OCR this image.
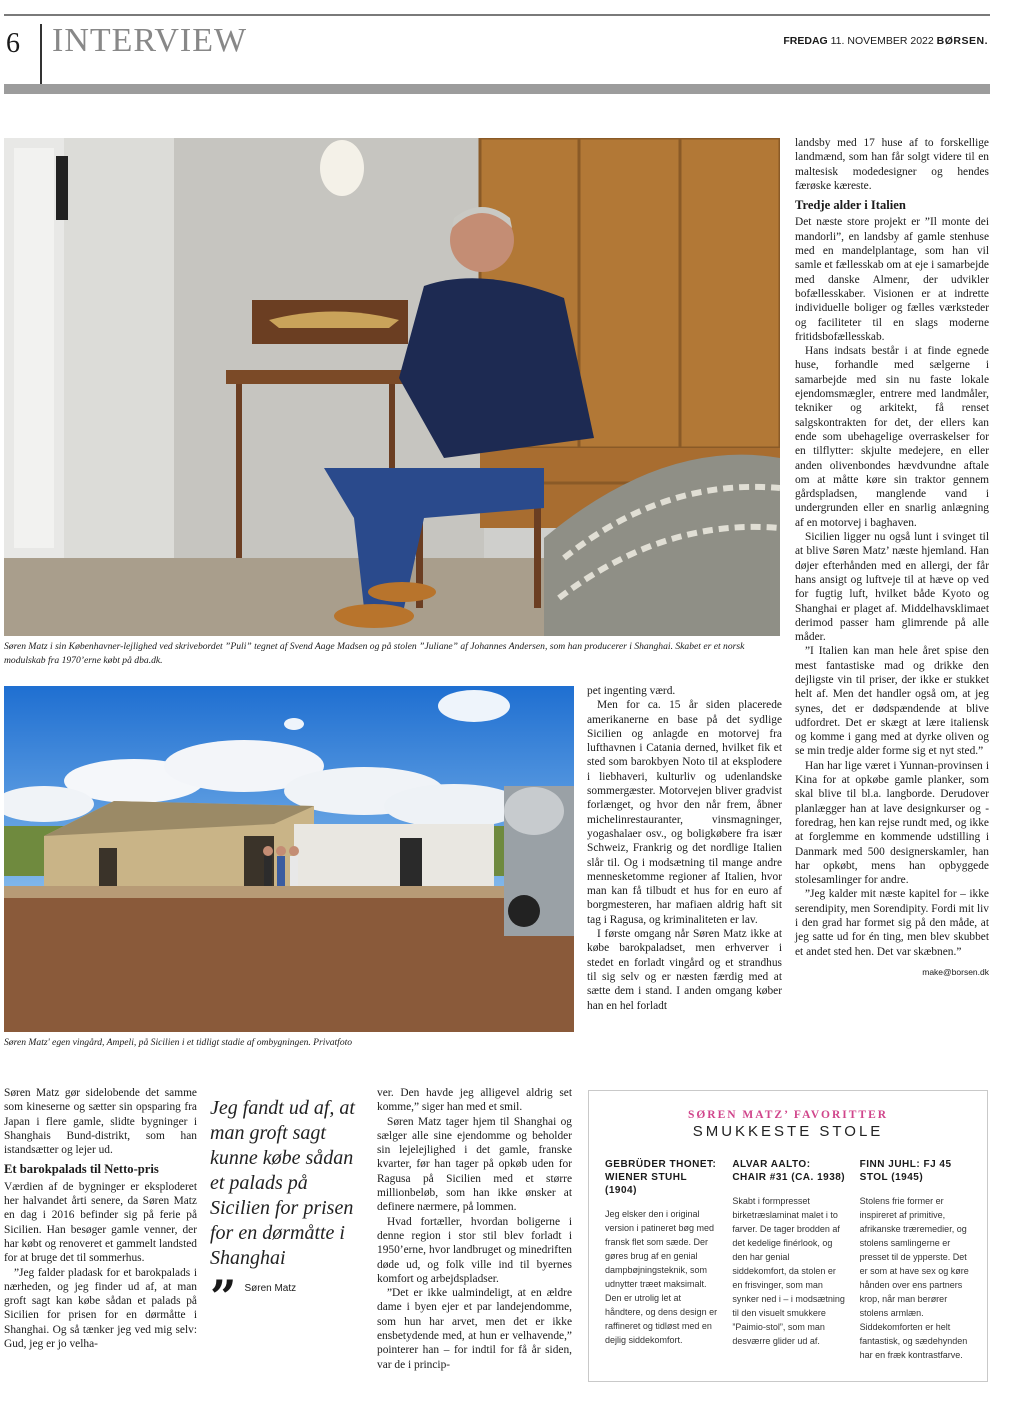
6 INTERVIEW	FREDAG 11. NOVEMBER 2022 BØRSEN.
Søren Matz i sin Københavner-lejlighed ved skrivebordet ”Puli” tegnet af Svend Aage Madsen og på stolen ”Juliane” af Johannes Andersen, som han producerer i Shanghai. Skabet er et norsk modulskab fra 1970’erne købt på dba.dk.
Søren Matz' egen vingård, Ampeli, på Sicilien i et tidligt stadie af ombygningen. Privatfoto

landsby med 17 huse af to forskellige landmænd, som han får solgt videre til en maltesisk modedesigner og hendes færøske kæreste.

Tredje alder i Italien

Det næste store projekt er ”Il monte dei mandorli”, en landsby af gamle stenhuse med en mandelplantage, som han vil samle et fællesskab om at eje i samarbejde med danske Almenr, der udvikler bofællesskaber. Visionen er at indrette individuelle boliger og fælles værksteder og faciliteter til en slags moderne fritidsbofællesskab.

Hans indsats består i at finde egnede huse, forhandle med sælgerne i samarbejde med sin nu faste lokale ejendomsmægler, entrere med landmåler, tekniker og arkitekt, få renset salgskontrakten for det, der ellers kan ende som ubehagelige overraskelser for en tilflytter: skjulte medejere, en eller anden olivenbondes hævdvundne aftale om at måtte køre sin traktor gennem gårdspladsen, manglende vand i undergrunden eller en snarlig anlægning af en motorvej i baghaven.

Sicilien ligger nu også lunt i svinget til at blive Søren Matz’ næste hjemland. Han døjer efterhånden med en allergi, der får hans ansigt og luftveje til at hæve op ved for fugtig luft, hvilket både Kyoto og Shanghai er plaget af. Middelhavsklimaet derimod passer ham glimrende på alle måder.

”I Italien kan man hele året spise den mest fantastiske mad og drikke den dejligste vin til priser, der ikke er stukket helt af. Men det handler også om, at jeg synes, det er dødspændende at blive udfordret. Det er skægt at lære italiensk og komme i gang med at dyrke oliven og se min tredje alder forme sig et nyt sted.”

Han har lige været i Yunnan-provinsen i Kina for at opkøbe gamle planker, som skal blive til bl.a. langborde. Derudover planlægger han at lave designkurser og -foredrag, hen kan rejse rundt med, og ikke at forglemme en kommende udstilling i Danmark med 500 designerskamler, han har opkøbt, mens han opbyggede stolesamlinger for andre.

”Jeg kalder mit næste kapitel for – ikke serendipity, men Sorendipity. Fordi mit liv i den grad har formet sig på den måde, at jeg satte ud for én ting, men blev skubbet et andet sted hen. Det var skæbnen.”

make@borsen.dk

pet ingenting værd.

Men for ca. 15 år siden placerede amerikanerne en base på det sydlige Sicilien og anlagde en motorvej fra lufthavnen i Catania derned, hvilket fik et sted som barokbyen Noto til at eksplodere i liebhaveri, kulturliv og udenlandske sommergæster. Motorvejen bliver gradvist forlænget, og hvor den når frem, åbner michelinrestauranter, vinsmagninger, yogashalaer osv., og boligkøbere fra især Schweiz, Frankrig og det nordlige Italien slår til. Og i modsætning til mange andre mennesketomme regioner af Italien, hvor man kan få tilbudt et hus for en euro af borgmesteren, har mafiaen aldrig haft sit tag i Ragusa, og kriminaliteten er lav.

I første omgang når Søren Matz ikke at købe barokpaladset, men erhverver i stedet en forladt vingård og et strandhus til sig selv og er næsten færdig med at sætte dem i stand. I anden omgang køber han en hel forladt

Søren Matz gør sidelobende det samme som kineserne og sætter sin opsparing fra Japan i flere gamle, slidte bygninger i Shanghais Bund-distrikt, som han istandsætter og lejer ud.

Et barokpalads til Netto-pris

Værdien af de bygninger er eksploderet her halvandet årti senere, da Søren Matz en dag i 2016 befinder sig på ferie på Sicilien. Han besøger gamle venner, der har købt og renoveret et gammelt landsted for at bruge det til sommerhus.

”Jeg falder pladask for et barokpalads i nærheden, og jeg finder ud af, at man groft sagt kan købe sådan et palads på Sicilien for prisen for en dørmåtte i Shanghai. Og så tænker jeg ved mig selv: Gud, jeg er jo velha-

Jeg fandt ud af, at man groft sagt kunne købe sådan et palads på Sicilien for prisen for en dørmåtte i Shanghai
” Søren Matz

ver. Den havde jeg alligevel aldrig set komme,” siger han med et smil.

Søren Matz tager hjem til Shanghai og sælger alle sine ejendomme og beholder sin lejelejlighed i det gamle, franske kvarter, før han tager på opkøb uden for Ragusa på Sicilien med et større millionbeløb, som han ikke ønsker at definere nærmere, på lommen.

Hvad fortæller, hvordan boligerne i denne region i stor stil blev forladt i 1950’erne, hvor landbruget og minedriften døde ud, og folk ville ind til byernes komfort og arbejdspladser.

”Det er ikke ualmindeligt, at en ældre dame i byen ejer et par landejendomme, som hun har arvet, men det er ikke ensbetydende med, at hun er velhavende,” pointerer han – for indtil for få år siden, var de i princip-

SØREN MATZ’ FAVORITTER
SMUKKESTE STOLE
GEBRÜDER THONET: WIENER STUHL (1904)
Jeg elsker den i original version i patineret bøg med fransk flet som sæde. Der gøres brug af en genial dampbøjningsteknik, som udnytter træet maksimalt. Den er utrolig let at håndtere, og dens design er raffineret og tidløst med en dejlig siddekomfort.
ALVAR AALTO: CHAIR #31 (CA. 1938)
Skabt i formpresset birketræslaminat malet i to farver. De tager brodden af det kedelige finérlook, og den har genial siddekomfort, da stolen er en frisvinger, som man synker ned i – i modsætning til den visuelt smukkere ”Paimio-stol”, som man desværre glider ud af.
FINN JUHL: FJ 45 STOL (1945)
Stolens frie former er inspireret af primitive, afrikanske træremedier, og stolens samlingerne er presset til de ypperste. Det er som at have sex og køre hånden over ens partners krop, når man berører stolens armlæn. Siddekomforten er helt fantastisk, og sædehynden har en fræk kontrastfarve.
